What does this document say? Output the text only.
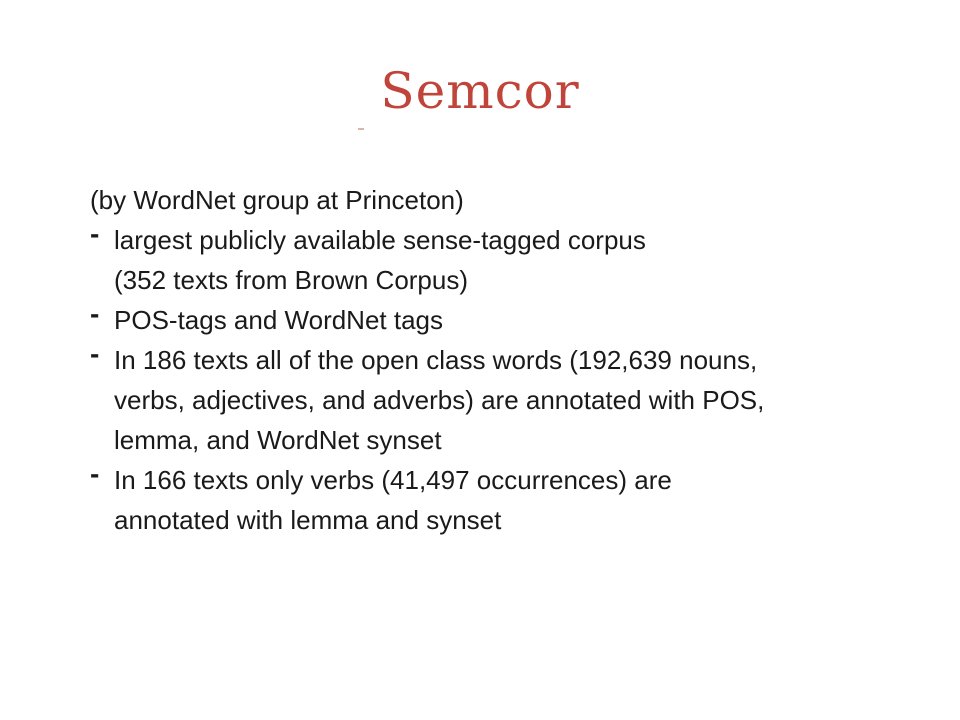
Semcor
(by WordNet group at Princeton)
- largest publicly available sense-tagged corpus
(352 texts from Brown Corpus)
- POS-tags and WordNet tags
- In 186 texts all of the open class words (192,639 nouns,
verbs, adjectives, and adverbs) are annotated with POS,
lemma, and WordNet synset
- In 166 texts only verbs (41,497 occurrences) are
annotated with lemma and synset
